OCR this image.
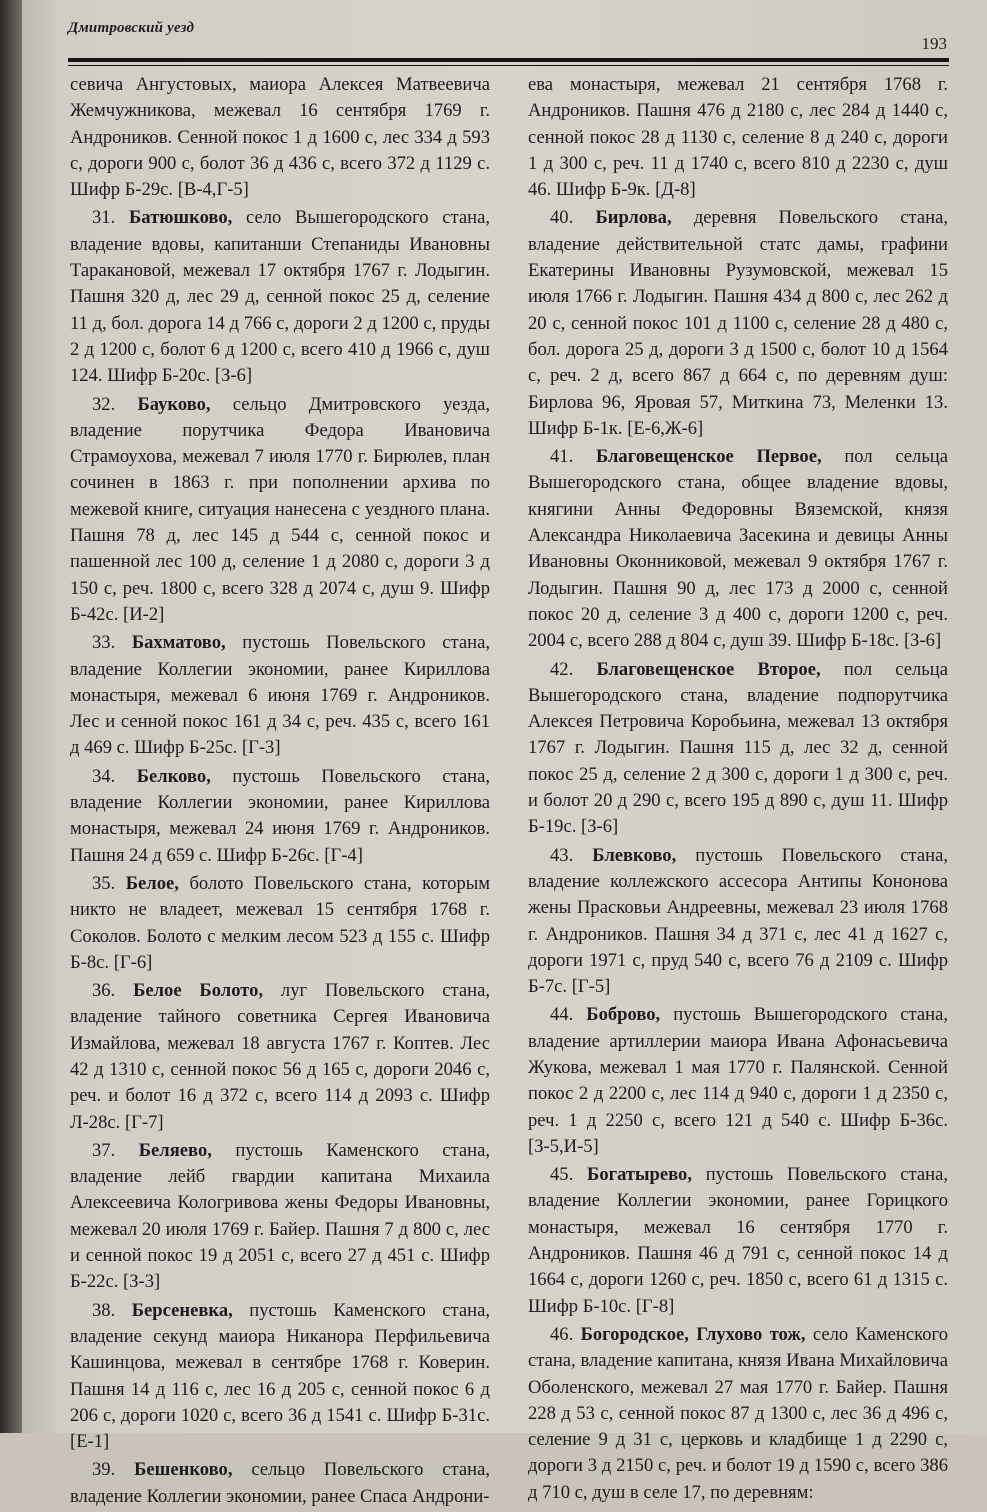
Дмитровский уезд
193

севича Ангустовых, маиора Алексея Матвеевича Жемчужникова, межевал 16 сентября 1769 г. Андроников. Сенной покос 1 д 1600 с, лес 334 д 593 с, дороги 900 с, болот 36 д 436 с, всего 372 д 1129 с. Шифр Б-29с. [В-4,Г-5]

31. Батюшково, село Вышегородского стана, владение вдовы, капитанши Степаниды Ивановны Таракановой, межевал 17 октября 1767 г. Лодыгин. Пашня 320 д, лес 29 д, сенной покос 25 д, селение 11 д, бол. дорога 14 д 766 с, дороги 2 д 1200 с, пруды 2 д 1200 с, болот 6 д 1200 с, всего 410 д 1966 с, душ 124. Шифр Б-20с. [З-6]

32. Бауково, сельцо Дмитровского уезда, владение порутчика Федора Ивановича Страмоухова, межевал 7 июля 1770 г. Бирюлев, план сочинен в 1863 г. при пополнении архива по межевой книге, ситуация нанесена с уездного плана. Пашня 78 д, лес 145 д 544 с, сенной покос и пашенной лес 100 д, селение 1 д 2080 с, дороги 3 д 150 с, реч. 1800 с, всего 328 д 2074 с, душ 9. Шифр Б-42с. [И-2]

33. Бахматово, пустошь Повельского стана, владение Коллегии экономии, ранее Кириллова монастыря, межевал 6 июня 1769 г. Андроников. Лес и сенной покос 161 д 34 с, реч. 435 с, всего 161 д 469 с. Шифр Б-25с. [Г-3]

34. Белково, пустошь Повельского стана, владение Коллегии экономии, ранее Кириллова монастыря, межевал 24 июня 1769 г. Андроников. Пашня 24 д 659 с. Шифр Б-26с. [Г-4]

35. Белое, болото Повельского стана, которым никто не владеет, межевал 15 сентября 1768 г. Соколов. Болото с мелким лесом 523 д 155 с. Шифр Б-8с. [Г-6]

36. Белое Болото, луг Повельского стана, владение тайного советника Сергея Ивановича Измайлова, межевал 18 августа 1767 г. Коптев. Лес 42 д 1310 с, сенной покос 56 д 165 с, дороги 2046 с, реч. и болот 16 д 372 с, всего 114 д 2093 с. Шифр Л-28с. [Г-7]

37. Беляево, пустошь Каменского стана, владение лейб гвардии капитана Михаила Алексеевича Кологривова жены Федоры Ивановны, межевал 20 июля 1769 г. Байер. Пашня 7 д 800 с, лес и сенной покос 19 д 2051 с, всего 27 д 451 с. Шифр Б-22с. [З-3]

38. Берсеневка, пустошь Каменского стана, владение секунд маиора Никанора Перфильевича Кашинцова, межевал в сентябре 1768 г. Коверин. Пашня 14 д 116 с, лес 16 д 205 с, сенной покос 6 д 206 с, дороги 1020 с, всего 36 д 1541 с. Шифр Б-31с. [Е-1]

39. Бешенково, сельцо Повельского стана, владение Коллегии экономии, ранее Спаса Андрони-

ева монастыря, межевал 21 сентября 1768 г. Андроников. Пашня 476 д 2180 с, лес 284 д 1440 с, сенной покос 28 д 1130 с, селение 8 д 240 с, дороги 1 д 300 с, реч. 11 д 1740 с, всего 810 д 2230 с, душ 46. Шифр Б-9к. [Д-8]

40. Бирлова, деревня Повельского стана, владение действительной статс дамы, графини Екатерины Ивановны Рузумовской, межевал 15 июля 1766 г. Лодыгин. Пашня 434 д 800 с, лес 262 д 20 с, сенной покос 101 д 1100 с, селение 28 д 480 с, бол. дорога 25 д, дороги 3 д 1500 с, болот 10 д 1564 с, реч. 2 д, всего 867 д 664 с, по деревням душ: Бирлова 96, Яровая 57, Миткина 73, Меленки 13. Шифр Б-1к. [Е-6,Ж-6]

41. Благовещенское Первое, пол сельца Вышегородского стана, общее владение вдовы, княгини Анны Федоровны Вяземской, князя Александра Николаевича Засекина и девицы Анны Ивановны Оконниковой, межевал 9 октября 1767 г. Лодыгин. Пашня 90 д, лес 173 д 2000 с, сенной покос 20 д, селение 3 д 400 с, дороги 1200 с, реч. 2004 с, всего 288 д 804 с, душ 39. Шифр Б-18с. [З-6]

42. Благовещенское Второе, пол сельца Вышегородского стана, владение подпорутчика Алексея Петровича Коробьина, межевал 13 октября 1767 г. Лодыгин. Пашня 115 д, лес 32 д, сенной покос 25 д, селение 2 д 300 с, дороги 1 д 300 с, реч. и болот 20 д 290 с, всего 195 д 890 с, душ 11. Шифр Б-19с. [З-6]

43. Блевково, пустошь Повельского стана, владение коллежского ассесора Антипы Кононова жены Прасковьи Андреевны, межевал 23 июля 1768 г. Андроников. Пашня 34 д 371 с, лес 41 д 1627 с, дороги 1971 с, пруд 540 с, всего 76 д 2109 с. Шифр Б-7с. [Г-5]

44. Боброво, пустошь Вышегородского стана, владение артиллерии маиора Ивана Афонасьевича Жукова, межевал 1 мая 1770 г. Палянской. Сенной покос 2 д 2200 с, лес 114 д 940 с, дороги 1 д 2350 с, реч. 1 д 2250 с, всего 121 д 540 с. Шифр Б-36с. [З-5,И-5]

45. Богатырево, пустошь Повельского стана, владение Коллегии экономии, ранее Горицкого монастыря, межевал 16 сентября 1770 г. Андроников. Пашня 46 д 791 с, сенной покос 14 д 1664 с, дороги 1260 с, реч. 1850 с, всего 61 д 1315 с. Шифр Б-10с. [Г-8]

46. Богородское, Глухово тож, село Каменского стана, владение капитана, князя Ивана Михайловича Оболенского, межевал 27 мая 1770 г. Байер. Пашня 228 д 53 с, сенной покос 87 д 1300 с, лес 36 д 496 с, селение 9 д 31 с, церковь и кладбище 1 д 2290 с, дороги 3 д 2150 с, реч. и болот 19 д 1590 с, всего 386 д 710 с, душ в селе 17, по деревням:
